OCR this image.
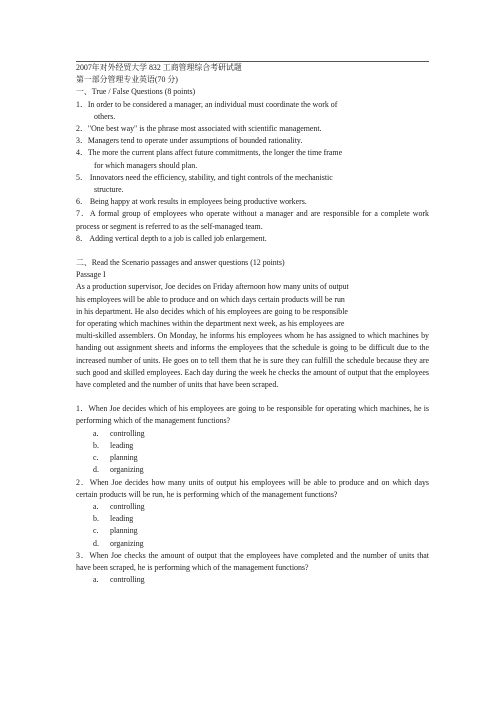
2007年对外经贸大学 832 工商管理综合考研试题
第一部分管理专业英语(70 分)
一、True / False Questions (8 points)
1．In order to be considered a manager, an individual must coordinate the work of
others.
2．"One best way" is the phrase most associated with scientific management.
3．Managers tend to operate under assumptions of bounded rationality.
4．The more the current plans affect future commitments, the longer the time frame
for which managers should plan.
5． Innovators need the efficiency, stability, and tight controls of the mechanistic
structure.
6． Being happy at work results in employees being productive workers.
7．A formal group of employees who operate without a manager and are responsible for a complete work process or segment is referred to as the self-managed team.
8． Adding vertical depth to a job is called job enlargement.
二、Read the Scenario passages and answer questions (12 points)
Passage I
As a production supervisor, Joe decides on Friday afternoon how many units of output
his employees will be able to produce and on which days certain products will be run
in his department. He also decides which of his employees are going to be responsible
for operating which machines within the department next week, as his employees are
multi-skilled assemblers. On Monday, he informs his employees whom he has assigned to which machines by handing out assignment sheets and informs the employees that the schedule is going to be difficult due to the increased number of units. He goes on to tell them that he is sure they can fulfill the schedule because they are such good and skilled employees. Each day during the week he checks the amount of output that the employees have completed and the number of units that have been scraped.
1．When Joe decides which of his employees are going to be responsible for operating which machines, he is performing which of the management functions?
a. controlling
b. leading
c. planning
d. organizing
2．When Joe decides how many units of output his employees will be able to produce and on which days certain products will be run, he is performing which of the management functions?
a. controlling
b. leading
c. planning
d. organizing
3．When Joe checks the amount of output that the employees have completed and the number of units that have been scraped, he is performing which of the management functions?
a. controlling
